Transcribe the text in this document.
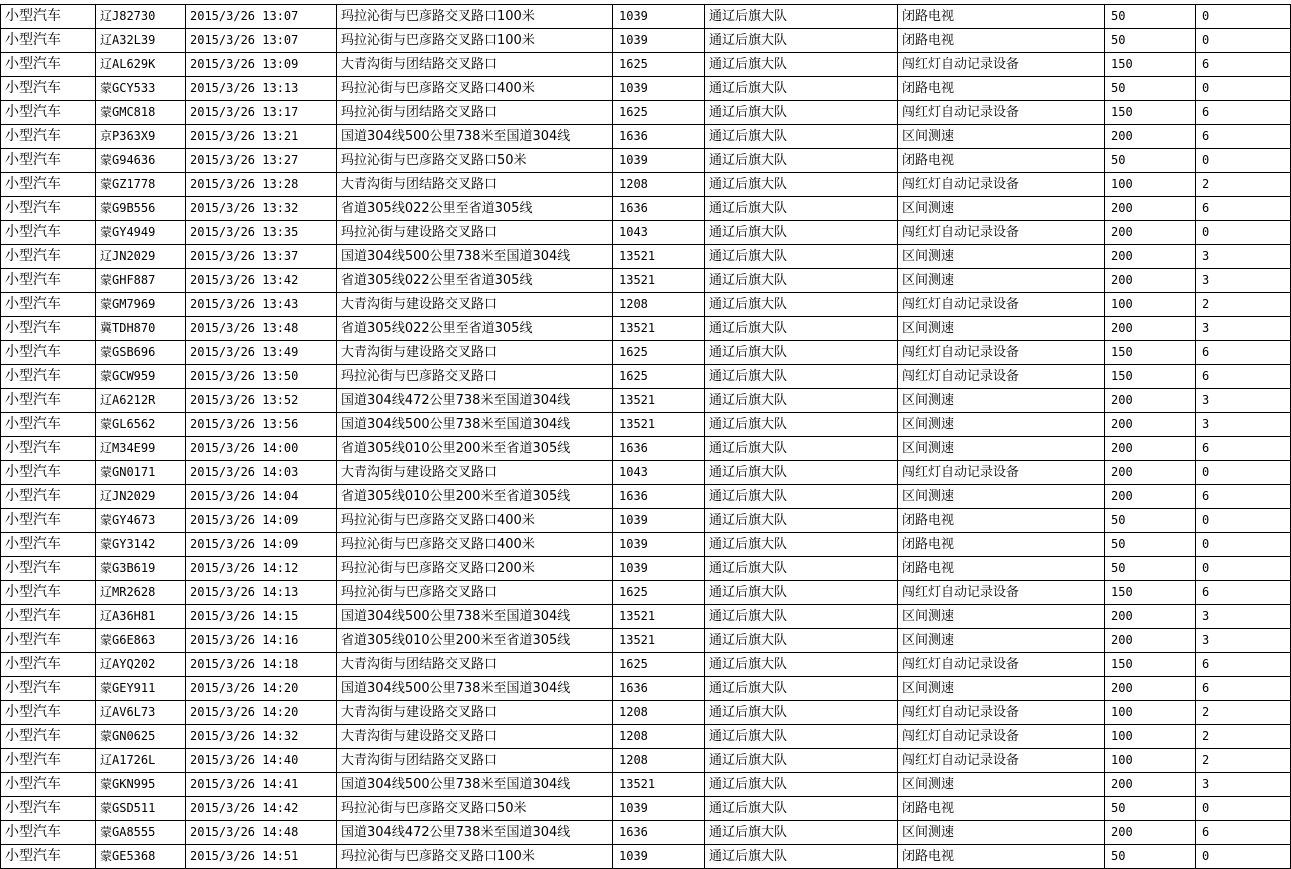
小型汽车	辽J82730	2015/3/26 13:07	玛拉沁街与巴彦路交叉路口100米	1039	通辽后旗大队	闭路电视	50	0
小型汽车	辽A32L39	2015/3/26 13:07	玛拉沁街与巴彦路交叉路口100米	1039	通辽后旗大队	闭路电视	50	0
小型汽车	辽AL629K	2015/3/26 13:09	大青沟街与团结路交叉路口	1625	通辽后旗大队	闯红灯自动记录设备	150	6
小型汽车	蒙GCY533	2015/3/26 13:13	玛拉沁街与巴彦路交叉路口400米	1039	通辽后旗大队	闭路电视	50	0
小型汽车	蒙GMC818	2015/3/26 13:17	玛拉沁街与团结路交叉路口	1625	通辽后旗大队	闯红灯自动记录设备	150	6
小型汽车	京P363X9	2015/3/26 13:21	国道304线500公里738米至国道304线	1636	通辽后旗大队	区间测速	200	6
小型汽车	蒙G94636	2015/3/26 13:27	玛拉沁街与巴彦路交叉路口50米	1039	通辽后旗大队	闭路电视	50	0
小型汽车	蒙GZ1778	2015/3/26 13:28	大青沟街与团结路交叉路口	1208	通辽后旗大队	闯红灯自动记录设备	100	2
小型汽车	蒙G9B556	2015/3/26 13:32	省道305线022公里至省道305线	1636	通辽后旗大队	区间测速	200	6
小型汽车	蒙GY4949	2015/3/26 13:35	玛拉沁街与建设路交叉路口	1043	通辽后旗大队	闯红灯自动记录设备	200	0
小型汽车	辽JN2029	2015/3/26 13:37	国道304线500公里738米至国道304线	13521	通辽后旗大队	区间测速	200	3
小型汽车	蒙GHF887	2015/3/26 13:42	省道305线022公里至省道305线	13521	通辽后旗大队	区间测速	200	3
小型汽车	蒙GM7969	2015/3/26 13:43	大青沟街与建设路交叉路口	1208	通辽后旗大队	闯红灯自动记录设备	100	2
小型汽车	冀TDH870	2015/3/26 13:48	省道305线022公里至省道305线	13521	通辽后旗大队	区间测速	200	3
小型汽车	蒙GSB696	2015/3/26 13:49	大青沟街与建设路交叉路口	1625	通辽后旗大队	闯红灯自动记录设备	150	6
小型汽车	蒙GCW959	2015/3/26 13:50	玛拉沁街与巴彦路交叉路口	1625	通辽后旗大队	闯红灯自动记录设备	150	6
小型汽车	辽A6212R	2015/3/26 13:52	国道304线472公里738米至国道304线	13521	通辽后旗大队	区间测速	200	3
小型汽车	蒙GL6562	2015/3/26 13:56	国道304线500公里738米至国道304线	13521	通辽后旗大队	区间测速	200	3
小型汽车	辽M34E99	2015/3/26 14:00	省道305线010公里200米至省道305线	1636	通辽后旗大队	区间测速	200	6
小型汽车	蒙GN0171	2015/3/26 14:03	大青沟街与建设路交叉路口	1043	通辽后旗大队	闯红灯自动记录设备	200	0
小型汽车	辽JN2029	2015/3/26 14:04	省道305线010公里200米至省道305线	1636	通辽后旗大队	区间测速	200	6
小型汽车	蒙GY4673	2015/3/26 14:09	玛拉沁街与巴彦路交叉路口400米	1039	通辽后旗大队	闭路电视	50	0
小型汽车	蒙GY3142	2015/3/26 14:09	玛拉沁街与巴彦路交叉路口400米	1039	通辽后旗大队	闭路电视	50	0
小型汽车	蒙G3B619	2015/3/26 14:12	玛拉沁街与巴彦路交叉路口200米	1039	通辽后旗大队	闭路电视	50	0
小型汽车	辽MR2628	2015/3/26 14:13	玛拉沁街与巴彦路交叉路口	1625	通辽后旗大队	闯红灯自动记录设备	150	6
小型汽车	辽A36H81	2015/3/26 14:15	国道304线500公里738米至国道304线	13521	通辽后旗大队	区间测速	200	3
小型汽车	蒙G6E863	2015/3/26 14:16	省道305线010公里200米至省道305线	13521	通辽后旗大队	区间测速	200	3
小型汽车	辽AYQ202	2015/3/26 14:18	大青沟街与团结路交叉路口	1625	通辽后旗大队	闯红灯自动记录设备	150	6
小型汽车	蒙GEY911	2015/3/26 14:20	国道304线500公里738米至国道304线	1636	通辽后旗大队	区间测速	200	6
小型汽车	辽AV6L73	2015/3/26 14:20	大青沟街与建设路交叉路口	1208	通辽后旗大队	闯红灯自动记录设备	100	2
小型汽车	蒙GN0625	2015/3/26 14:32	大青沟街与建设路交叉路口	1208	通辽后旗大队	闯红灯自动记录设备	100	2
小型汽车	辽A1726L	2015/3/26 14:40	大青沟街与团结路交叉路口	1208	通辽后旗大队	闯红灯自动记录设备	100	2
小型汽车	蒙GKN995	2015/3/26 14:41	国道304线500公里738米至国道304线	13521	通辽后旗大队	区间测速	200	3
小型汽车	蒙GSD511	2015/3/26 14:42	玛拉沁街与巴彦路交叉路口50米	1039	通辽后旗大队	闭路电视	50	0
小型汽车	蒙GA8555	2015/3/26 14:48	国道304线472公里738米至国道304线	1636	通辽后旗大队	区间测速	200	6
小型汽车	蒙GE5368	2015/3/26 14:51	玛拉沁街与巴彦路交叉路口100米	1039	通辽后旗大队	闭路电视	50	0
